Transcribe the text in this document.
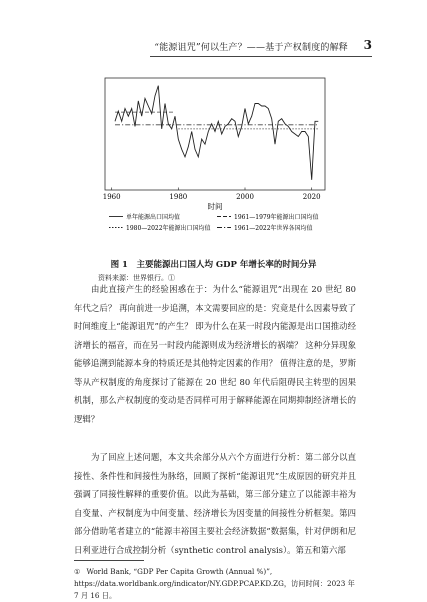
“能源诅咒”何以生产？——基于产权制度的解释 3
1960	1980	2000	2020
时间
单年能源出口国均值	1961—1979年能源出口国均值
1980—2022年能源出口国均值	1961—2022年世界各国均值
图 1　主要能源出口国人均 GDP 年增长率的时间分异
资料来源：世界银行。①

由此直接产生的经验困惑在于：为什么“能源诅咒”出现在 20 世纪 80 年代之后？ 再向前进一步追溯，本文需要回应的是：究竟是什么因素导致了时间维度上“能源诅咒”的产生？ 即为什么在某一时段内能源是出口国推动经济增长的福音，而在另一时段内能源则成为经济增长的祸端？ 这种分异现象能够追溯到能源本身的特质还是其他特定因素的作用？ 值得注意的是，罗斯等从产权制度的角度探讨了能源在 20 世纪 80 年代后阻碍民主转型的因果机制，那么产权制度的变动是否同样可用于解释能源在同期抑制经济增长的逻辑？

为了回应上述问题，本文共余部分从六个方面进行分析：第二部分以直接性、条件性和间接性为脉络，回顾了探析“能源诅咒”生成原因的研究并且强调了同接性解释的重要价值。以此为基础，第三部分建立了以能源丰裕为自变量、产权制度为中间变量、经济增长为因变量的间接性分析框架。第四部分借助笔者建立的“能源丰裕国主要社会经济数据”数据集，针对伊朗和尼日利亚进行合成控制分析（synthetic control analysis）。第五和第六部

① World Bank, “GDP Per Capita Growth (Annual %)”, https://data.worldbank.org/indicator/NY.GDP.PCAP.KD.ZG，访问时间：2023 年 7 月 16 日。
